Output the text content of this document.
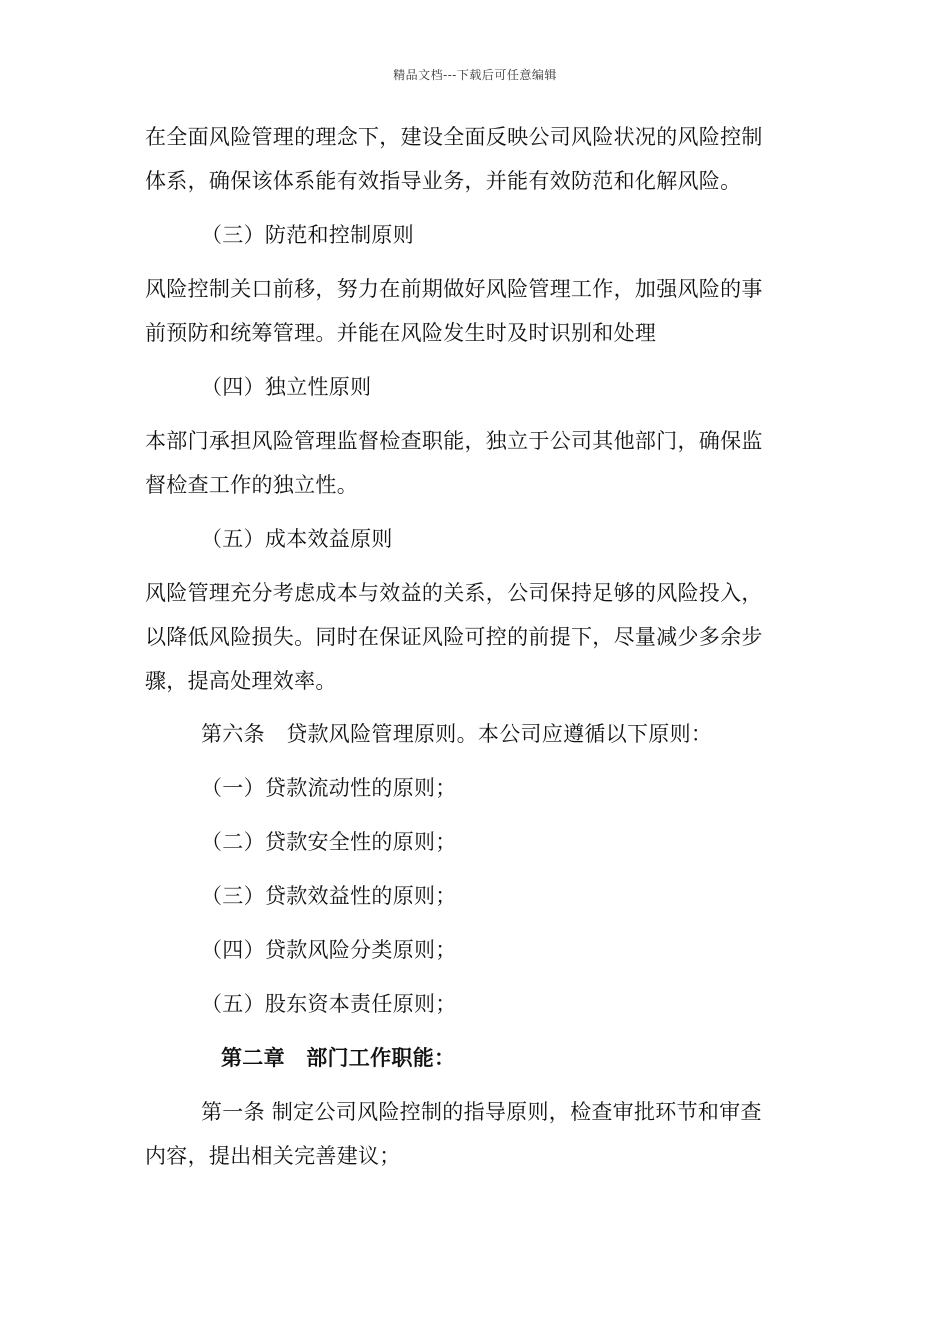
精品文档---下载后可任意编辑
在全面风险管理的理念下，建设全面反映公司风险状况的风险控制
体系，确保该体系能有效指导业务，并能有效防范和化解风险。
（三）防范和控制原则
风险控制关口前移，努力在前期做好风险管理工作，加强风险的事
前预防和统筹管理。并能在风险发生时及时识别和处理
（四）独立性原则
本部门承担风险管理监督检查职能，独立于公司其他部门，确保监
督检查工作的独立性。
（五）成本效益原则
风险管理充分考虑成本与效益的关系，公司保持足够的风险投入，
以降低风险损失。同时在保证风险可控的前提下，尽量减少多余步
骤，提高处理效率。
第六条　贷款风险管理原则。本公司应遵循以下原则：
（一）贷款流动性的原则；
（二）贷款安全性的原则；
（三）贷款效益性的原则；
（四）贷款风险分类原则；
（五）股东资本责任原则；
第二章　部门工作职能：
第一条 制定公司风险控制的指导原则，检查审批环节和审查
内容，提出相关完善建议；
